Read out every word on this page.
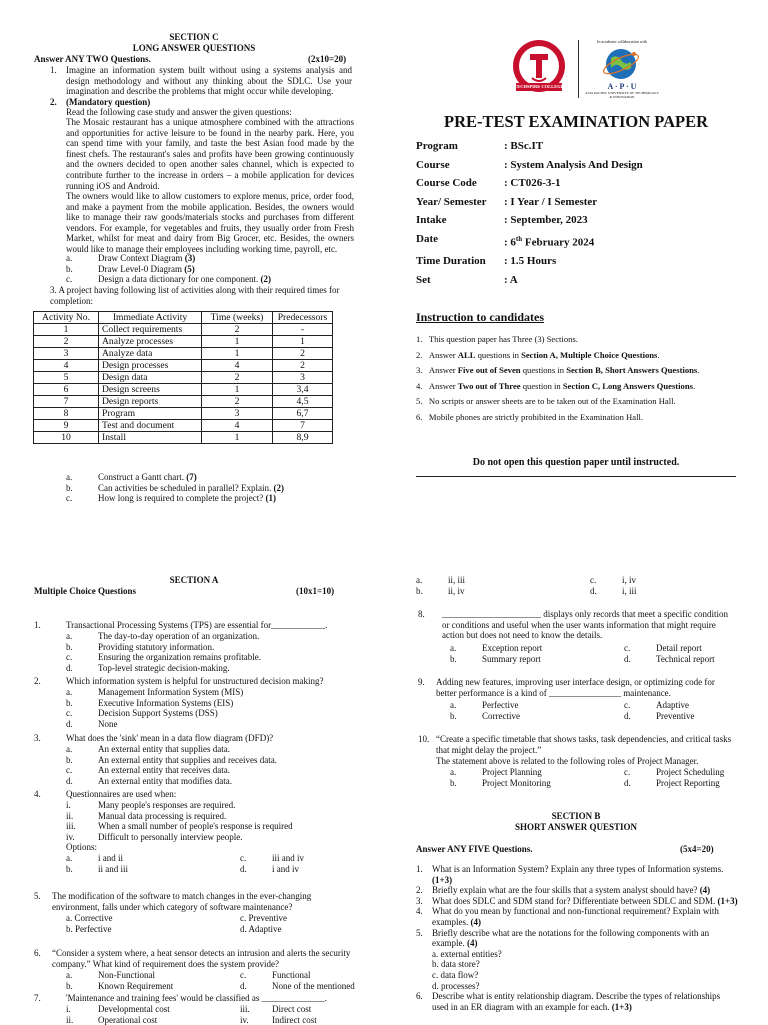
SECTION C
LONG ANSWER QUESTIONS
Answer ANY TWO Questions.	(2x10=20)
1. Imagine an information system built without using a systems analysis and design methodology and without any thinking about the SDLC. Use your imagination and describe the problems that might occur while developing.
2. (Mandatory question)
Read the following case study and answer the given questions:
The Mosaic restaurant has a unique atmosphere combined with the attractions and opportunities for active leisure to be found in the nearby park. Here, you can spend time with your family, and taste the best Asian food made by the finest chefs. The restaurant's sales and profits have been growing continuously and the owners decided to open another sales channel, which is expected to contribute further to the increase in orders – a mobile application for devices running iOS and Android.
The owners would like to allow customers to explore menus, price, order food, and make a payment from the mobile application. Besides, the owners would like to manage their raw goods/materials stocks and purchases from different vendors. For example, for vegetables and fruits, they usually order from Fresh Market, whilst for meat and dairy from Big Grocer, etc. Besides, the owners would like to manage their employees including working time, payroll, etc.
a.	Draw Context Diagram (3)
b.	Draw Level-0 Diagram (5)
c.	Design a data dictionary for one component. (2)
3. A project having following list of activities along with their required times for completion:
Activity No.	Immediate Activity	Time (weeks)	Predecessors
1	Collect requirements	2	-
2	Analyze processes	1	1
3	Analyze data	1	2
4	Design processes	4	2
5	Design data	2	3
6	Design screens	1	3,4
7	Design reports	2	4,5
8	Program	3	6,7
9	Test and document	4	7
10	Install	1	8,9
a.	Construct a Gantt chart. (7)
b.	Can activities be scheduled in parallel? Explain. (2)
c.	How long is required to complete the project? (1)
TECHSPIRE COLLEGE
In academic collaboration with
A · P · U
ASIA PACIFIC UNIVERSITY OF TECHNOLOGY & INNOVATION
PRE-TEST EXAMINATION PAPER
Program	: BSc.IT
Course	: System Analysis And Design
Course Code	: CT026-3-1
Year/ Semester	: I Year / I Semester
Intake	: September, 2023
Date	: 6th February 2024
Time Duration	: 1.5 Hours
Set	: A
Instruction to candidates
1. This question paper has Three (3) Sections.
2. Answer ALL questions in Section A, Multiple Choice Questions.
3. Answer Five out of Seven questions in Section B, Short Answers Questions.
4. Answer Two out of Three question in Section C, Long Answers Questions.
5. No scripts or answer sheets are to be taken out of the Examination Hall.
6. Mobile phones are strictly prohibited in the Examination Hall.
Do not open this question paper until instructed.
SECTION A
Multiple Choice Questions	(10x1=10)
1.	Transactional Processing Systems (TPS) are essential for____________.
a.	The day-to-day operation of an organization.
b.	Providing statutory information.
c.	Ensuring the organization remains profitable.
d.	Top-level strategic decision-making.
2.	Which information system is helpful for unstructured decision making?
a.	Management Information System (MIS)
b.	Executive Information Systems (EIS)
c.	Decision Support Systems (DSS)
d.	None
3.	What does the 'sink' mean in a data flow diagram (DFD)?
a.	An external entity that supplies data.
b.	An external entity that supplies and receives data.
c.	An external entity that receives data.
d.	An external entity that modifies data.
4.	Questionnaires are used when:
i.	Many people's responses are required.
ii.	Manual data processing is required.
iii. When a small number of people's response is required
iv.	Difficult to personally interview people.
Options:
a.	i and ii	c.	iii and iv
b.	ii and iii	d.	i and iv
5. The modification of the software to match changes in the ever-changing environment, falls under which category of software maintenance?
a. Corrective	c. Preventive
b. Perfective	d. Adaptive
6. “Consider a system where, a heat sensor detects an intrusion and alerts the security company.” What kind of requirement does the system provide?
a.	Non-Functional	c.	Functional
b.	Known Requirement	d.	None of the mentioned
7.	'Maintenance and training fees' would be classified as ______________.
i.	Developmental cost	iii. Direct cost
ii.	Operational cost	iv.	Indirect cost
a.	ii, iii	c.	i, iv
b.	ii, iv	d.	i, iii
8. ______________________ displays only records that meet a specific condition or conditions and useful when the user wants information that might require action but does not need to know the details.
a.	Exception report	c.	Detail report
b.	Summary report	d.	Technical report
9. Adding new features, improving user interface design, or optimizing code for better performance is a kind of ________________ maintenance.
a.	Perfective	c.	Adaptive
b.	Corrective	d.	Preventive
10. “Create a specific timetable that shows tasks, task dependencies, and critical tasks that might delay the project.”
The statement above is related to the following roles of Project Manager.
a.	Project Planning	c.	Project Scheduling
b.	Project Monitoring	d.	Project Reporting
SECTION B
SHORT ANSWER QUESTION
Answer ANY FIVE Questions.	(5x4=20)
1. What is an Information System? Explain any three types of Information systems. (1+3)
2. Briefly explain what are the four skills that a system analyst should have? (4)
3. What does SDLC and SDM stand for? Differentiate between SDLC and SDM. (1+3)
4. What do you mean by functional and non-functional requirement? Explain with examples. (4)
5. Briefly describe what are the notations for the following components with an example. (4)
a. external entities?
b. data store?
c. data flow?
d. processes?
6. Describe what is entity relationship diagram. Describe the types of relationships used in an ER diagram with an example for each. (1+3)
